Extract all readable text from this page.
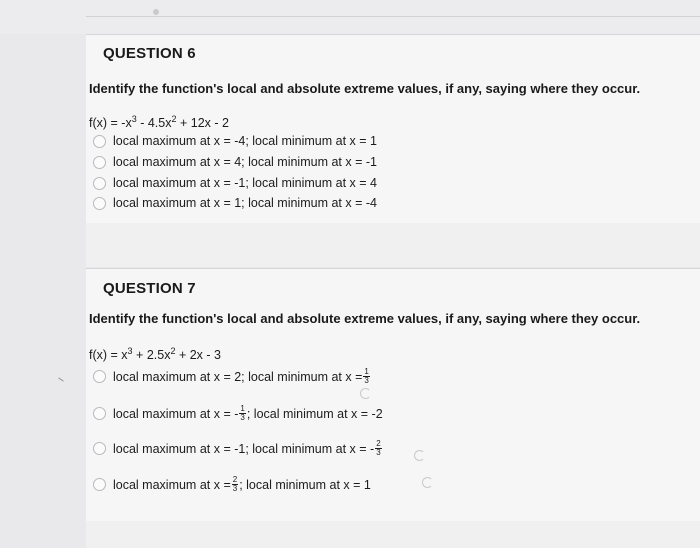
QUESTION 6
Identify the function's local and absolute extreme values, if any, saying where they occur.
$f(x) = -x^3 - 4.5x^2 + 12x - 2$
local maximum at x = -4; local minimum at x = 1
local maximum at x = 4; local minimum at x = -1
local maximum at x = -1; local minimum at x = 4
local maximum at x = 1; local minimum at x = -4
QUESTION 7
Identify the function's local and absolute extreme values, if any, saying where they occur.
$f(x) = x^3 + 2.5x^2 + 2x - 3$
local maximum at x = 2; local minimum at $x = \frac{1}{3}$
local maximum at x = - $\frac{1}{3}$ ; local minimum at x = -2
local maximum at x = -1; local minimum at x = - $\frac{2}{3}$
local maximum at $x = \frac{2}{3}$ ; local minimum at x = 1
